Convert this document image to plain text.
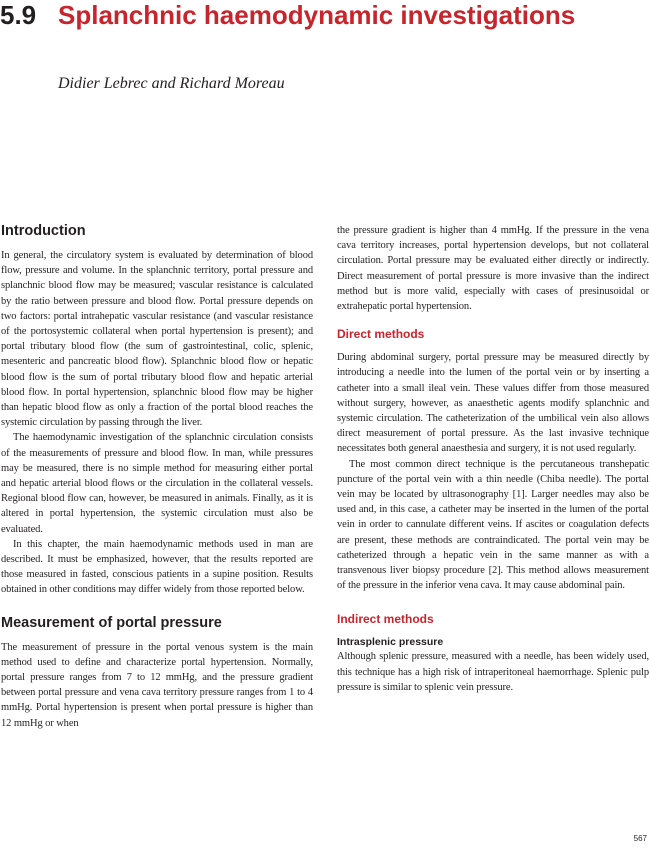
5.9 Splanchnic haemodynamic investigations
Didier Lebrec and Richard Moreau
Introduction

In general, the circulatory system is evaluated by determination of blood flow, pressure and volume. In the splanchnic territory, portal pressure and splanchnic blood flow may be measured; vascular resistance is calculated by the ratio between pressure and blood flow. Portal pressure depends on two factors: portal intrahepatic vascular resistance (and vascular resistance of the portosystemic collateral when portal hypertension is present); and portal tributary blood flow (the sum of gastrointestinal, colic, splenic, mesenteric and pancreatic blood flow). Splanchnic blood flow or hepatic blood flow is the sum of portal tributary blood flow and hepatic arterial blood flow. In portal hypertension, splanchnic blood flow may be higher than hepatic blood flow as only a fraction of the portal blood reaches the systemic circulation by passing through the liver.

The haemodynamic investigation of the splanchnic circulation consists of the measurements of pressure and blood flow. In man, while pressures may be measured, there is no simple method for measuring either portal and hepatic arterial blood flows or the circulation in the collateral vessels. Regional blood flow can, however, be measured in animals. Finally, as it is altered in portal hypertension, the systemic circulation must also be evaluated.

In this chapter, the main haemodynamic methods used in man are described. It must be emphasized, however, that the results reported are those measured in fasted, conscious patients in a supine position. Results obtained in other conditions may differ widely from those reported below.

Measurement of portal pressure

The measurement of pressure in the portal venous system is the main method used to define and characterize portal hypertension. Normally, portal pressure ranges from 7 to 12 mmHg, and the pressure gradient between portal pressure and vena cava territory pressure ranges from 1 to 4 mmHg. Portal hypertension is present when portal pressure is higher than 12 mmHg or when

the pressure gradient is higher than 4 mmHg. If the pressure in the vena cava territory increases, portal hypertension develops, but not collateral circulation. Portal pressure may be evaluated either directly or indirectly. Direct measurement of portal pressure is more invasive than the indirect method but is more valid, especially with cases of presinusoidal or extrahepatic portal hypertension.

Direct methods

During abdominal surgery, portal pressure may be measured directly by introducing a needle into the lumen of the portal vein or by inserting a catheter into a small ileal vein. These values differ from those measured without surgery, however, as anaesthetic agents modify splanchnic and systemic circulation. The catheterization of the umbilical vein also allows direct measurement of portal pressure. As the last invasive technique necessitates both general anaesthesia and surgery, it is not used regularly.

The most common direct technique is the percutaneous transhepatic puncture of the portal vein with a thin needle (Chiba needle). The portal vein may be located by ultrasonography [1]. Larger needles may also be used and, in this case, a catheter may be inserted in the lumen of the portal vein in order to cannulate different veins. If ascites or coagulation defects are present, these methods are contraindicated. The portal vein may be catheterized through a hepatic vein in the same manner as with a transvenous liver biopsy procedure [2]. This method allows measurement of the pressure in the inferior vena cava. It may cause abdominal pain.

Indirect methods
Intrasplenic pressure

Although splenic pressure, measured with a needle, has been widely used, this technique has a high risk of intraperitoneal haemorrhage. Splenic pulp pressure is similar to splenic vein pressure.

567
